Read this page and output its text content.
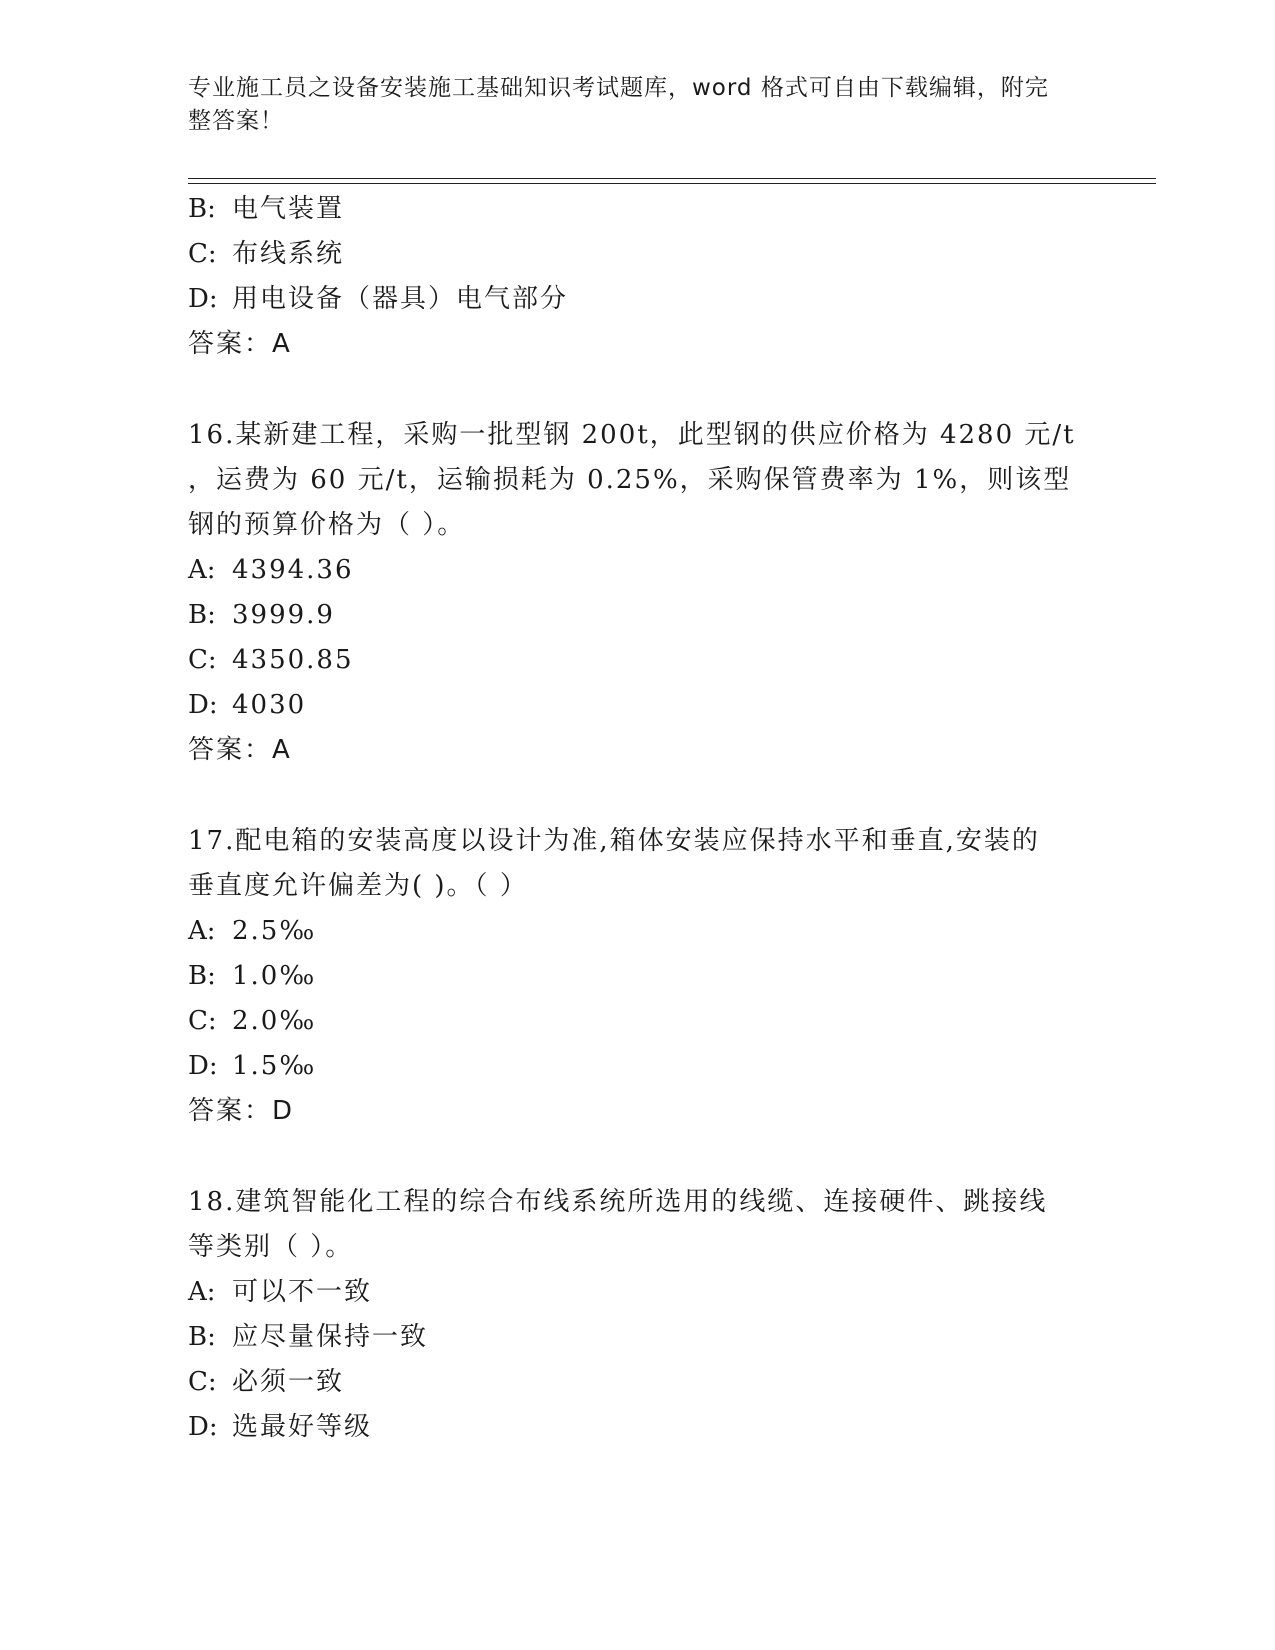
专业施工员之设备安装施工基础知识考试题库，word 格式可自由下载编辑，附完
整答案！
B: 电气装置
C: 布线系统
D: 用电设备（器具）电气部分
答案：A
16.某新建工程，采购一批型钢 200t，此型钢的供应价格为 4280 元/t
，运费为 60 元/t，运输损耗为 0.25%，采购保管费率为 1%，则该型
钢的预算价格为（ ）。
A: 4394.36
B: 3999.9
C: 4350.85
D: 4030
答案：A
17.配电箱的安装高度以设计为准,箱体安装应保持水平和垂直,安装的
垂直度允许偏差为( )。（ ）
A: 2.5‰
B: 1.0‰
C: 2.0‰
D: 1.5‰
答案：D
18.建筑智能化工程的综合布线系统所选用的线缆、连接硬件、跳接线
等类别（ ）。
A: 可以不一致
B: 应尽量保持一致
C: 必须一致
D: 选最好等级
